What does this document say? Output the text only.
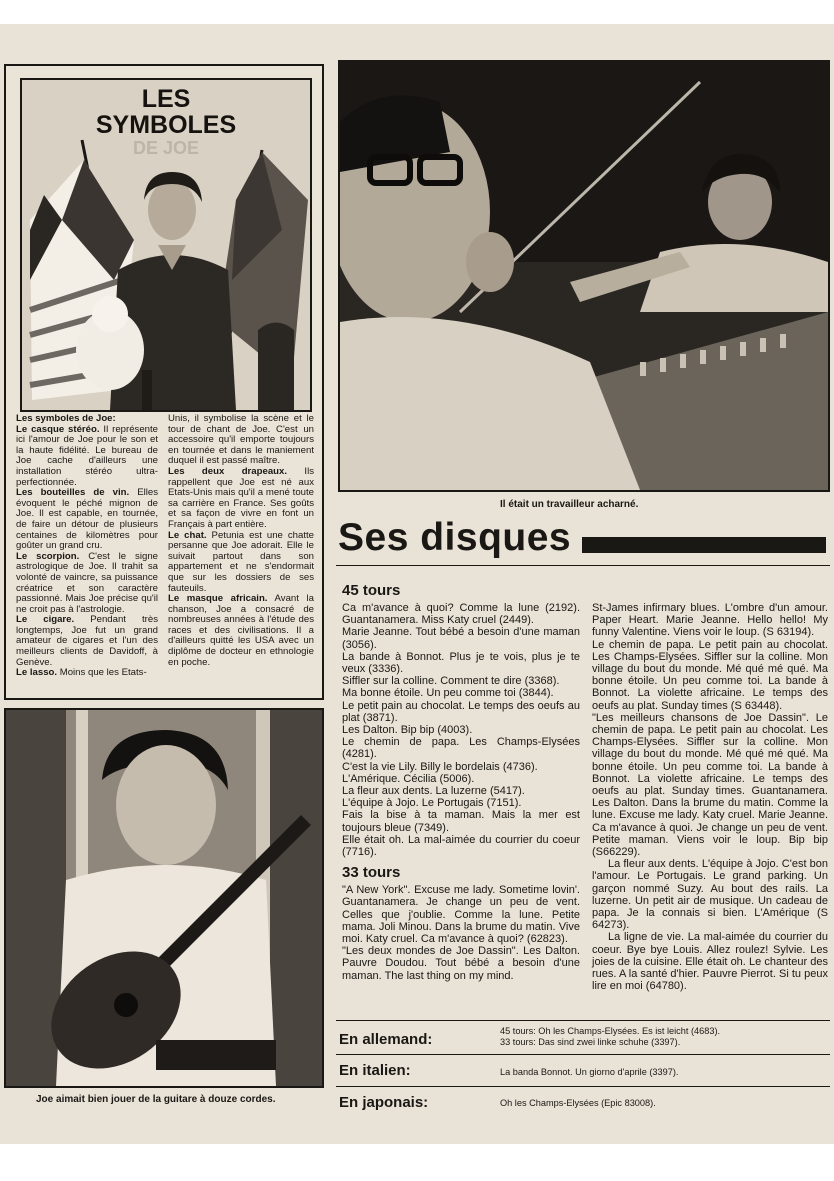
LES
SYMBOLES
DE JOE

Les symboles de Joe:

Le casque stéréo. Il représente ici l'amour de Joe pour le son et la haute fidélité. Le bureau de Joe cache d'ailleurs une installation stéréo ultra-perfectionnée.

Les bouteilles de vin. Elles évoquent le péché mignon de Joe. Il est capable, en tournée, de faire un détour de plusieurs centaines de kilomètres pour goûter un grand cru.

Le scorpion. C'est le signe astrologique de Joe. Il trahit sa volonté de vaincre, sa puissance créatrice et son caractère passionné. Mais Joe précise qu'il ne croit pas à l'astrologie.

Le cigare. Pendant très longtemps, Joe fut un grand amateur de cigares et l'un des meilleurs clients de Davidoff, à Genève.

Le lasso. Moins que les Etats-

Unis, il symbolise la scène et le tour de chant de Joe. C'est un accessoire qu'il emporte toujours en tournée et dans le maniement duquel il est passé maître.

Les deux drapeaux. Ils rappellent que Joe est né aux Etats-Unis mais qu'il a mené toute sa carrière en France. Ses goûts et sa façon de vivre en font un Français à part entière.

Le chat. Petunia est une chatte persanne que Joe adorait. Elle le suivait partout dans son appartement et ne s'endormait que sur les dossiers de ses fauteuils.

Le masque africain. Avant la chanson, Joe a consacré de nombreuses années à l'étude des races et des civilisations. Il a d'ailleurs quitté les USA avec un diplôme de docteur en ethnologie en poche.

Il était un travailleur acharné.
Ses disques
45 tours

Ca m'avance à quoi? Comme la lune (2192). Guantanamera. Miss Katy cruel (2449).

Marie Jeanne. Tout bébé a besoin d'une maman (3056).

La bande à Bonnot. Plus je te vois, plus je te veux (3336).

Siffler sur la colline. Comment te dire (3368).

Ma bonne étoile. Un peu comme toi (3844).

Le petit pain au chocolat. Le temps des oeufs au plat (3871).

Les Dalton. Bip bip (4003).

Le chemin de papa. Les Champs-Elysées (4281).

C'est la vie Lily. Billy le bordelais (4736).

L'Amérique. Cécilia (5006).

La fleur aux dents. La luzerne (5417).

L'équipe à Jojo. Le Portugais (7151).

Fais la bise à ta maman. Mais la mer est toujours bleue (7349).

Elle était oh. La mal-aimée du courrier du coeur (7716).

33 tours

"A New York". Excuse me lady. Sometime lovin'. Guantanamera. Je change un peu de vent. Celles que j'oublie. Comme la lune. Petite mama. Joli Minou. Dans la brume du matin. Vive moi. Katy cruel. Ca m'avance à quoi? (62823).

"Les deux mondes de Joe Dassin". Les Dalton. Pauvre Doudou. Tout bébé a besoin d'une maman. The last thing on my mind.

St-James infirmary blues. L'ombre d'un amour. Paper Heart. Marie Jeanne. Hello hello! My funny Valentine. Viens voir le loup. (S 63194).

Le chemin de papa. Le petit pain au chocolat. Les Champs-Elysées. Siffler sur la colline. Mon village du bout du monde. Mé qué mé qué. Ma bonne étoile. Un peu comme toi. La bande à Bonnot. La violette africaine. Le temps des oeufs au plat. Sunday times (S 63448).

"Les meilleurs chansons de Joe Dassin". Le chemin de papa. Le petit pain au chocolat. Les Champs-Elysées. Siffler sur la colline. Mon village du bout du monde. Mé qué mé qué. Ma bonne étoile. Un peu comme toi. La bande à Bonnot. La violette africaine. Le temps des oeufs au plat. Sunday times. Guantanamera. Les Dalton. Dans la brume du matin. Comme la lune. Excuse me lady. Katy cruel. Marie Jeanne. Ca m'avance à quoi. Je change un peu de vent. Petite maman. Viens voir le loup. Bip bip (S66229).

La fleur aux dents. L'équipe à Jojo. C'est bon l'amour. Le Portugais. Le grand parking. Un garçon nommé Suzy. Au bout des rails. La luzerne. Un petit air de musique. Un cadeau de papa. Je la connais si bien. L'Amérique (S 64273).

La ligne de vie. La mal-aimée du courrier du coeur. Bye bye Louis. Allez roulez! Sylvie. Les joies de la cuisine. Elle était oh. Le chanteur des rues. A la santé d'hier. Pauvre Pierrot. Si tu peux lire en moi (64780).

En allemand:	45 tours: Oh les Champs-Elysées. Es ist leicht (4683).
33 tours: Das sind zwei linke schuhe (3397).
En italien:	La banda Bonnot. Un giorno d'aprile (3397).
En japonais:	Oh les Champs-Elysées (Epic 83008).
Joe aimait bien jouer de la guitare à douze cordes.
